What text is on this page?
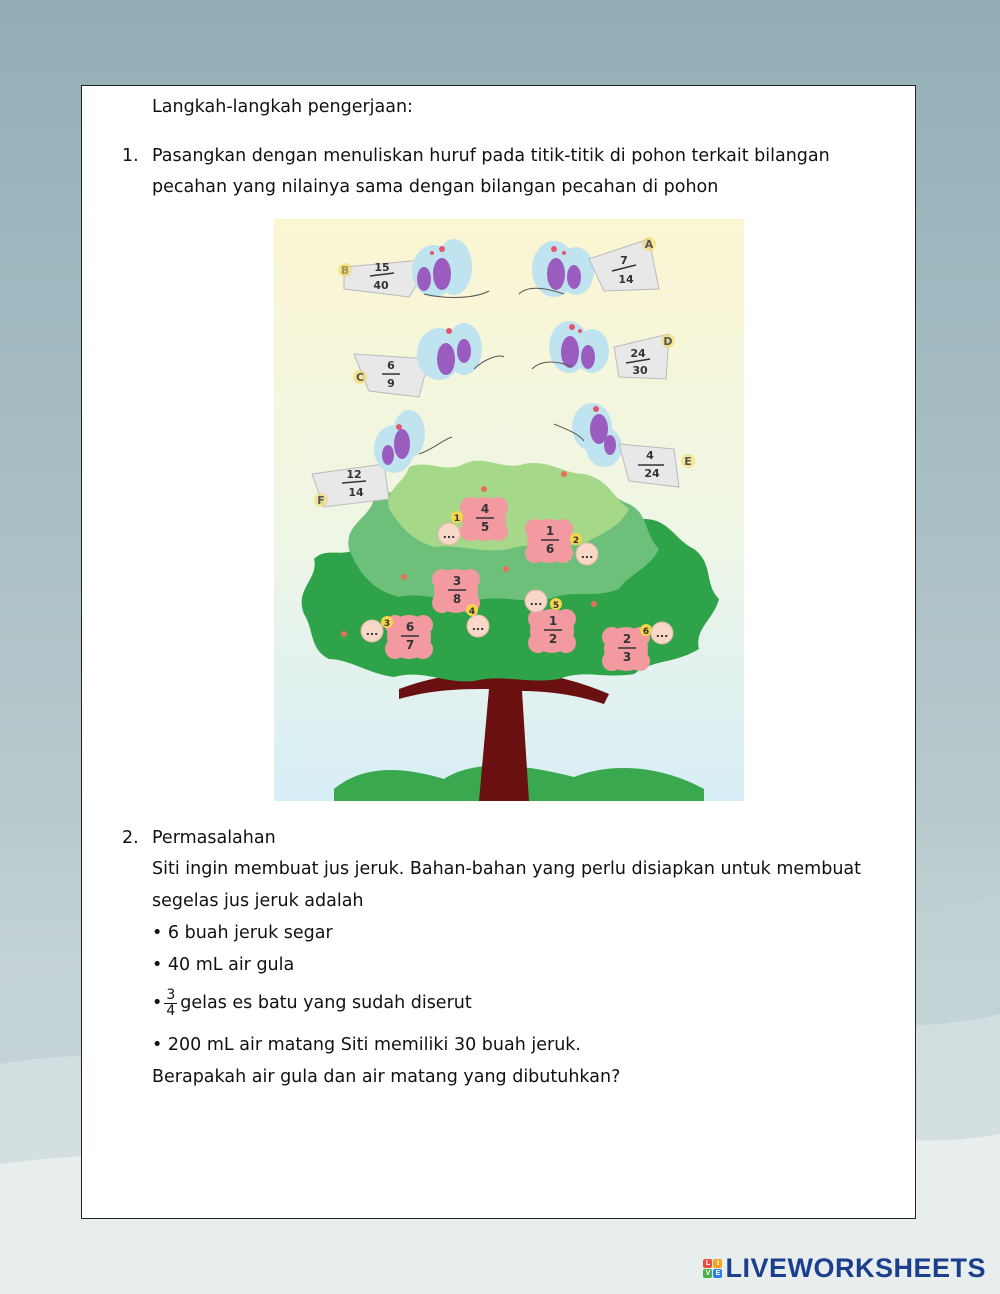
Langkah-langkah pengerjaan:
1. Pasangkan dengan menuliskan huruf pada titik-titik di pohon terkait bilangan
pecahan yang nilainya sama dengan bilangan pecahan di pohon
15
40
7
14
A
C
6
9
24
30
D
F
12
14
4
24
E
4
5
...
1
1
6 ...
2
3
8
...
4
1
2
... 5
6
7
...
3
2
3
...
6
2. Permasalahan
Siti ingin membuat jus jeruk. Bahan-bahan yang perlu disiapkan untuk membuat
segelas jus jeruk adalah
• 6 buah jeruk segar
• 40 mL air gula
• $\frac{3}{4}$ gelas es batu yang sudah diserut
• 200 mL air matang Siti memiliki 30 buah jeruk.
Berapakah air gula dan air matang yang dibutuhkan?
L I
V E LIVEWORKSHEETS
